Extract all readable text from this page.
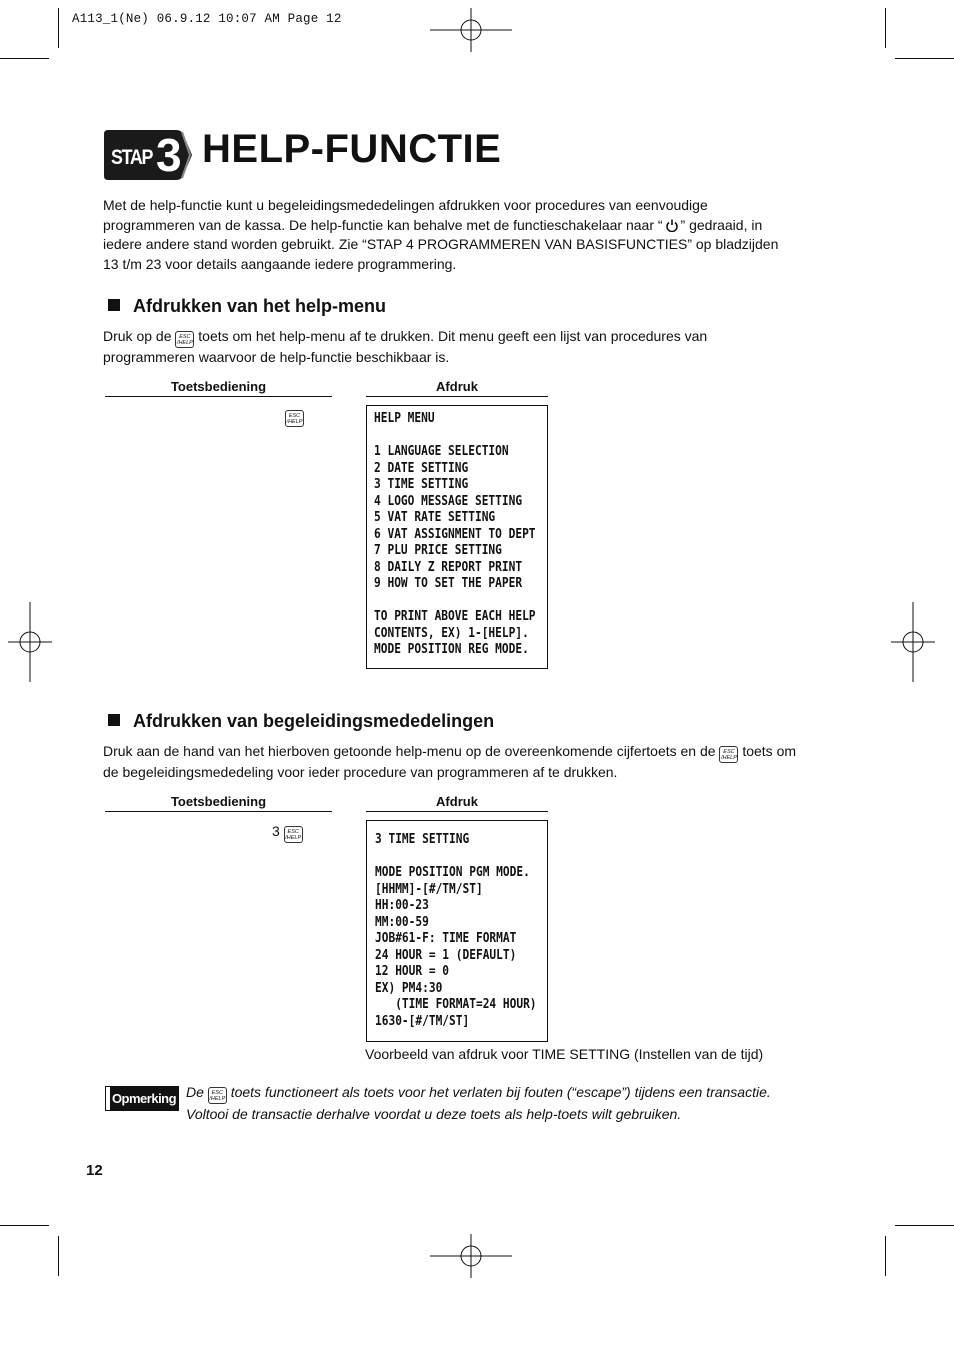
A113_1(Ne) 06.9.12 10:07 AM Page 12
STAP 3 HELP-FUNCTIE
Met de help-functie kunt u begeleidingsmededelingen afdrukken voor procedures van eenvoudige
programmeren van de kassa. De help-functie kan behalve met de functieschakelaar naar “ ” gedraaid, in
iedere andere stand worden gebruikt. Zie “STAP 4 PROGRAMMEREN VAN BASISFUNCTIES” op bladzijden
13 t/m 23 voor details aangaande iedere programmering.
Afdrukken van het help-menu
Druk op de ESC
/HELP toets om het help-menu af te drukken. Dit menu geeft een lijst van procedures van
programmeren waarvoor de help-functie beschikbaar is.
Toetsbediening	Afdruk
ESC
/HELP	HELP MENU
1 LANGUAGE SELECTION
2 DATE SETTING
3 TIME SETTING
4 LOGO MESSAGE SETTING
5 VAT RATE SETTING
6 VAT ASSIGNMENT TO DEPT
7 PLU PRICE SETTING
8 DAILY Z REPORT PRINT
9 HOW TO SET THE PAPER
TO PRINT ABOVE EACH HELP
CONTENTS, EX) 1-[HELP].
MODE POSITION REG MODE.
Afdrukken van begeleidingsmededelingen
Druk aan de hand van het hierboven getoonde help-menu op de overeenkomende cijfertoets en de ESC
/HELP toets om
de begeleidingsmededeling voor ieder procedure van programmeren af te drukken.
Toetsbediening	Afdruk
3 ESC
/HELP	3 TIME SETTING
MODE POSITION PGM MODE.
[HHMM]-[#/TM/ST]
HH:00-23
MM:00-59
JOB#61-F: TIME FORMAT
24 HOUR = 1 (DEFAULT)
12 HOUR = 0
EX) PM4:30
(TIME FORMAT=24 HOUR)
1630-[#/TM/ST]
Voorbeeld van afdruk voor TIME SETTING (Instellen van de tijd)
Opmerking De ESC
/HELP toets functioneert als toets voor het verlaten bij fouten (“escape”) tijdens een transactie.
Voltooi de transactie derhalve voordat u deze toets als help-toets wilt gebruiken.
12
